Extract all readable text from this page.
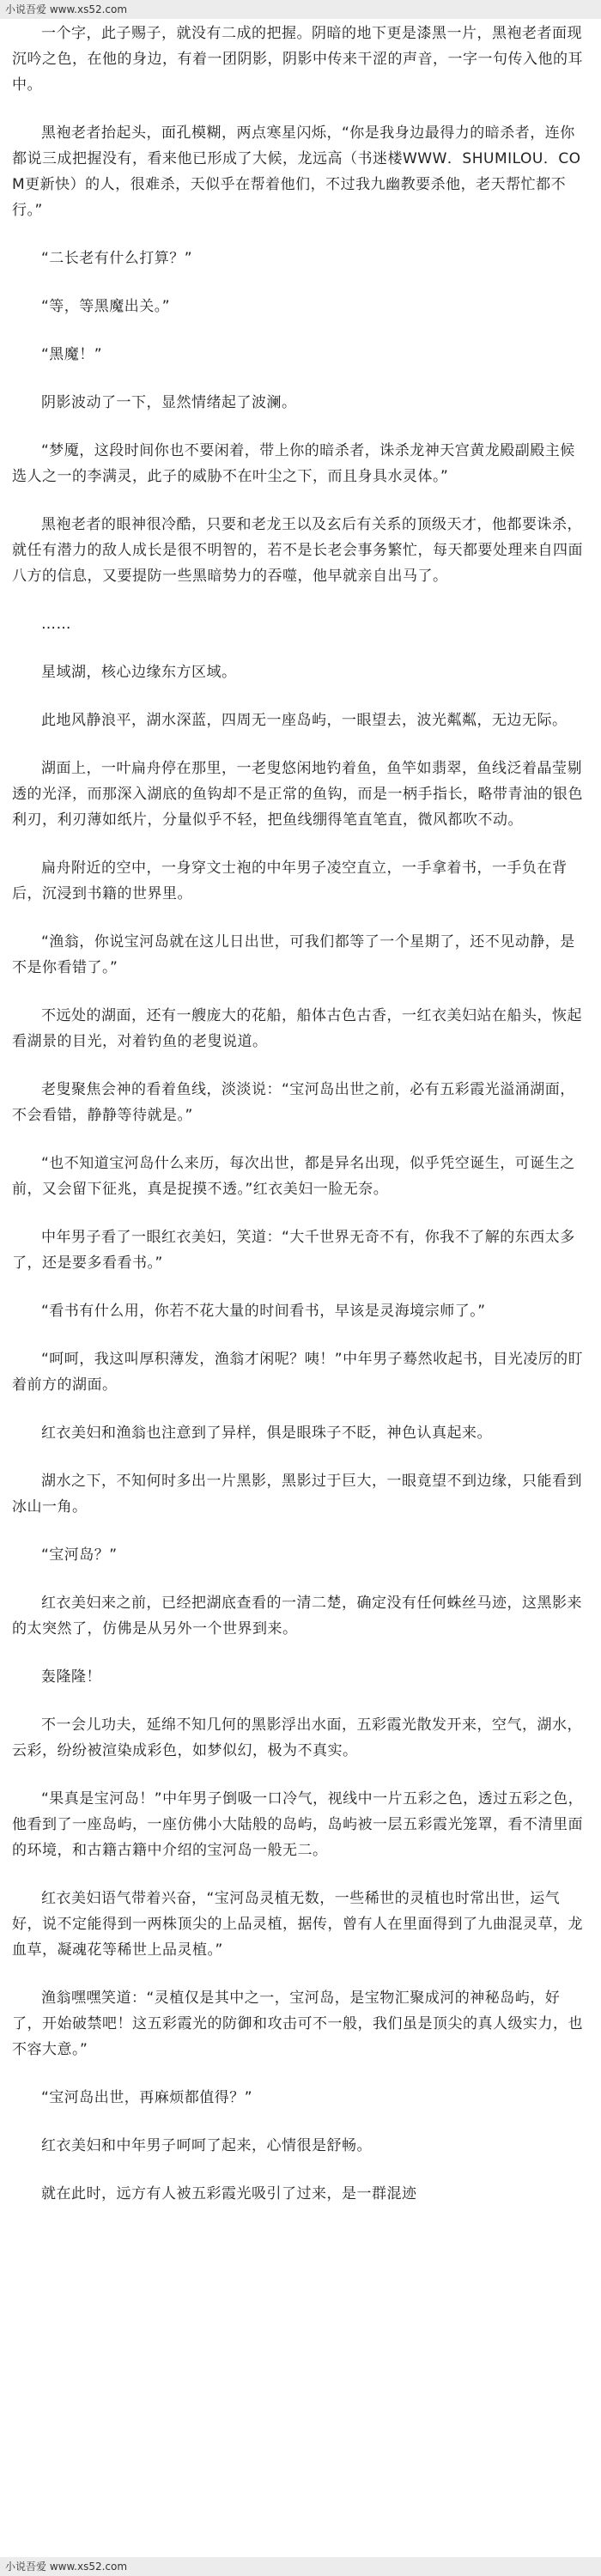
小说吾爱 www.xs52.com

一个字，此子赐子，就没有二成的把握。阴暗的地下更是漆黑一片，黑袍老者面现沉吟之色，在他的身边，有着一团阴影，阴影中传来干涩的声音，一字一句传入他的耳中。

黑袍老者抬起头，面孔模糊，两点寒星闪烁，“你是我身边最得力的暗杀者，连你都说三成把握没有，看来他已形成了大候，龙远高（书迷楼WWW．SHUMILOU．COM更新快）的人，很难杀，天似乎在帮着他们，不过我九幽教要杀他，老天帮忙都不行。”

“二长老有什么打算？”

“等，等黑魔出关。”

“黑魔！”

阴影波动了一下，显然情绪起了波澜。

“梦魇，这段时间你也不要闲着，带上你的暗杀者，诛杀龙神天宫黄龙殿副殿主候选人之一的李满灵，此子的威胁不在叶尘之下，而且身具水灵体。”

黑袍老者的眼神很冷酷，只要和老龙王以及玄后有关系的顶级天才，他都要诛杀，就任有潜力的敌人成长是很不明智的，若不是长老会事务繁忙，每天都要处理来自四面八方的信息，又要提防一些黑暗势力的吞噬，他早就亲自出马了。

……

星域湖，核心边缘东方区域。

此地风静浪平，湖水深蓝，四周无一座岛屿，一眼望去，波光粼粼，无边无际。

湖面上，一叶扁舟停在那里，一老叟悠闲地钓着鱼，鱼竿如翡翠，鱼线泛着晶莹剔透的光泽，而那深入湖底的鱼钩却不是正常的鱼钩，而是一柄手指长，略带青油的银色利刃，利刃薄如纸片，分量似乎不轻，把鱼线绷得笔直笔直，微风都吹不动。

扁舟附近的空中，一身穿文士袍的中年男子凌空直立，一手拿着书，一手负在背后，沉浸到书籍的世界里。

“渔翁，你说宝河岛就在这儿日出世，可我们都等了一个星期了，还不见动静，是不是你看错了。”

不远处的湖面，还有一艘庞大的花船，船体古色古香，一红衣美妇站在船头，恢起看湖景的目光，对着钓鱼的老叟说道。

老叟聚焦会神的看着鱼线，淡淡说：“宝河岛出世之前，必有五彩霞光溢涌湖面，不会看错，静静等待就是。”

“也不知道宝河岛什么来历，每次出世，都是异名出现，似乎凭空诞生，可诞生之前，又会留下征兆，真是捉摸不透。”红衣美妇一脸无奈。

中年男子看了一眼红衣美妇，笑道：“大千世界无奇不有，你我不了解的东西太多了，还是要多看看书。”

“看书有什么用，你若不花大量的时间看书，早该是灵海境宗师了。”

“呵呵，我这叫厚积薄发，渔翁才闲呢？咦！”中年男子蓦然收起书，目光凌厉的盯着前方的湖面。

红衣美妇和渔翁也注意到了异样，俱是眼珠子不眨，神色认真起来。

湖水之下，不知何时多出一片黑影，黑影过于巨大，一眼竟望不到边缘，只能看到冰山一角。

“宝河岛？”

红衣美妇来之前，已经把湖底查看的一清二楚，确定没有任何蛛丝马迹，这黑影来的太突然了，仿佛是从另外一个世界到来。

轰隆隆！

不一会儿功夫，延绵不知几何的黑影浮出水面，五彩霞光散发开来，空气，湖水，云彩，纷纷被渲染成彩色，如梦似幻，极为不真实。

“果真是宝河岛！”中年男子倒吸一口冷气，视线中一片五彩之色，透过五彩之色，他看到了一座岛屿，一座仿佛小大陆般的岛屿，岛屿被一层五彩霞光笼罩，看不清里面的环境，和古籍古籍中介绍的宝河岛一般无二。

红衣美妇语气带着兴奋，“宝河岛灵植无数，一些稀世的灵植也时常出世，运气好，说不定能得到一两株顶尖的上品灵植，据传，曾有人在里面得到了九曲混灵草，龙血草，凝魂花等稀世上品灵植。”

渔翁嘿嘿笑道：“灵植仅是其中之一，宝河岛，是宝物汇聚成河的神秘岛屿，好了，开始破禁吧！这五彩霞光的防御和攻击可不一般，我们虽是顶尖的真人级实力，也不容大意。”

“宝河岛出世，再麻烦都值得？”

红衣美妇和中年男子呵呵了起来，心情很是舒畅。

就在此时，远方有人被五彩霞光吸引了过来，是一群混迹

小说吾爱 www.xs52.com
